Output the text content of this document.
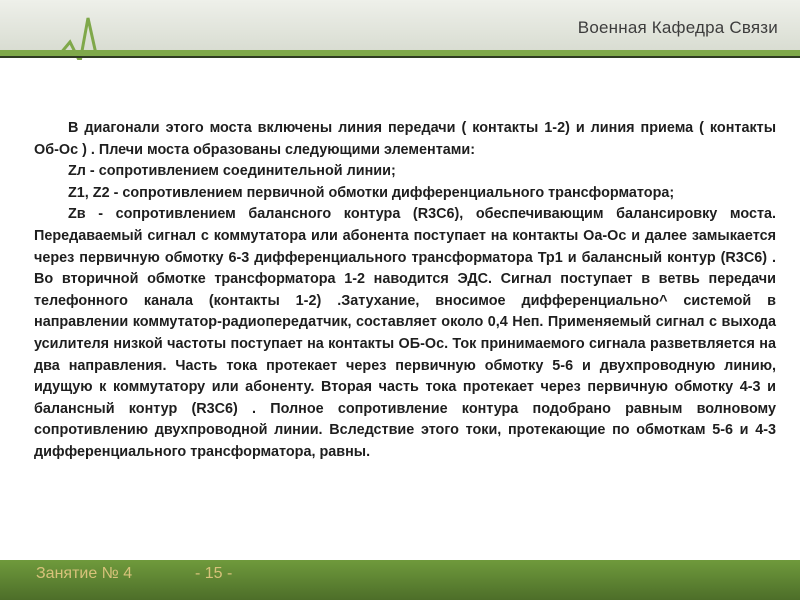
Военная Кафедра Связи

В диагонали этого моста включены линия передачи ( контакты 1-2) и линия приема ( контакты Об-Ос ) . Плечи моста образованы следующими элементами:

Zл - сопротивлением соединительной линии;

Z1, Z2 - сопротивлением первичной обмотки дифференциального трансформатора;

Zв - сопротивлением балансного контура (R3C6), обеспечивающим балансировку моста. Передаваемый сигнал с коммутатора или абонента поступает на контакты Оа-Ос и далее замыкается через первичную обмотку 6-3 дифференциального трансформатора Тр1 и балансный контур (R3C6) . Во вторичной обмотке трансформатора 1-2 наводится ЭДС. Сигнал поступает в ветвь передачи телефонного канала (контакты 1-2) .Затухание, вносимое дифференциально^ системой в направлении коммутатор-радиопередатчик, составляет около 0,4 Неп. Применяемый сигнал с выхода усилителя низкой частоты поступает на контакты ОБ-Ос. Ток принимаемого сигнала разветвляется на два направления. Часть тока протекает через первичную обмотку 5-6 и двухпроводную линию, идущую к коммутатору или абоненту. Вторая часть тока протекает через первичную обмотку 4-3 и балансный контур (R3C6) . Полное сопротивление контура подобрано равным волновому сопротивлению двухпроводной линии. Вследствие этого токи, протекающие по обмоткам 5-6 и 4-3 дифференциального трансформатора, равны.

Занятие № 4	- 15 -
